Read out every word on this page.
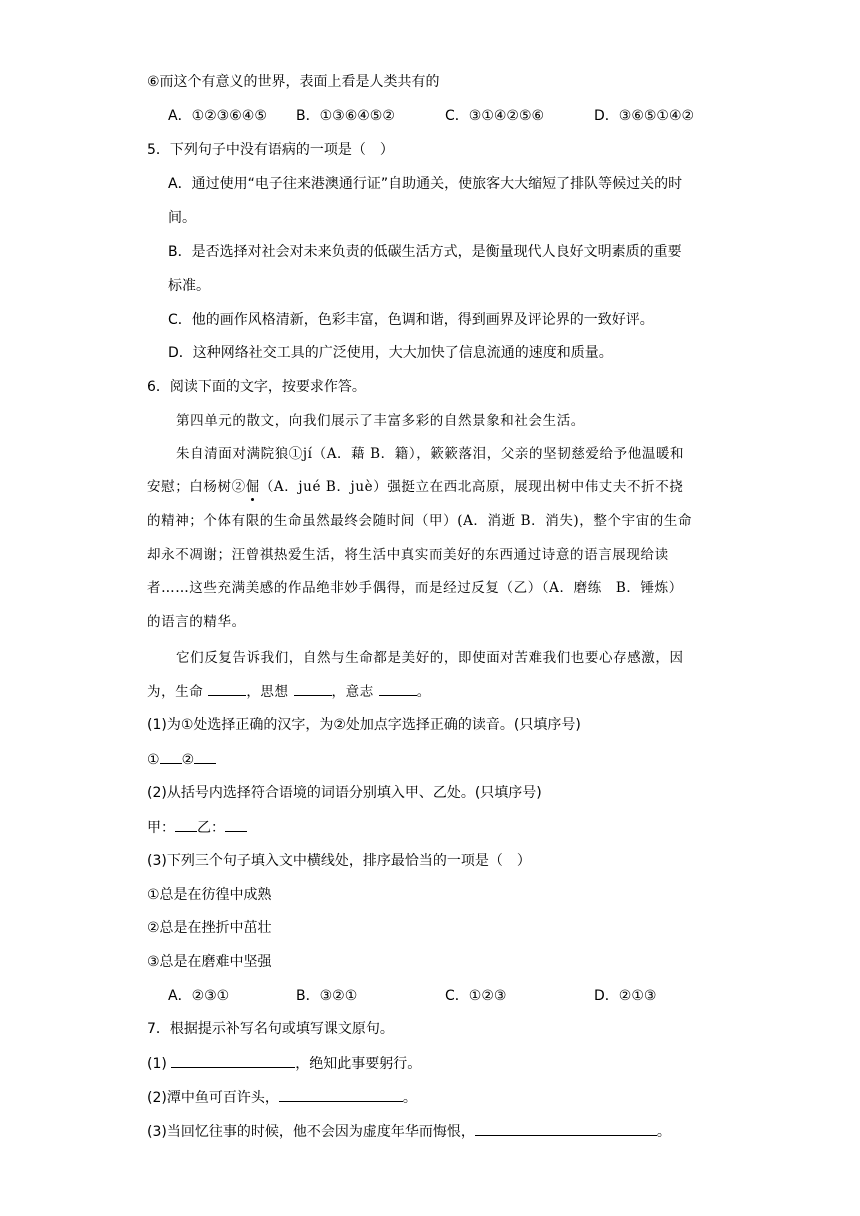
⑥而这个有意义的世界，表面上看是人类共有的
A．①②③⑥④⑤ B．①③⑥④⑤②	C．③①④②⑤⑥	D．③⑥⑤①④②
5．下列句子中没有语病的一项是（　）
A．通过使用“电子往来港澳通行证”自助通关，使旅客大大缩短了排队等候过关的时
间。
B．是否选择对社会对未来负责的低碳生活方式，是衡量现代人良好文明素质的重要
标准。
C．他的画作风格清新，色彩丰富，色调和谐，得到画界及评论界的一致好评。
D．这种网络社交工具的广泛使用，大大加快了信息流通的速度和质量。
6．阅读下面的文字，按要求作答。
第四单元的散文，向我们展示了丰富多彩的自然景象和社会生活。
朱自清面对满院狼①jí（A．藉 B．籍），簌簌落泪，父亲的坚韧慈爱给予他温暖和
安慰；白杨树②倔（A．jué B．juè）强挺立在西北高原，展现出树中伟丈夫不折不挠
的精神；个体有限的生命虽然最终会随时间（甲）(A．消逝 B．消失)，整个宇宙的生命
却永不凋谢；汪曾祺热爱生活，将生活中真实而美好的东西通过诗意的语言展现给读
者……这些充满美感的作品绝非妙手偶得，而是经过反复（乙）（A．磨练　B．锤炼）
的语言的精华。
它们反复告诉我们，自然与生命都是美好的，即使面对苦难我们也要心存感激，因
为，生命	，思想	，意志	。
(1)为①处选择正确的汉字，为②处加点字选择正确的读音。(只填序号)
① ②
(2)从括号内选择符合语境的词语分别填入甲、乙处。(只填序号)
甲： 乙：
(3)下列三个句子填入文中横线处，排序最恰当的一项是（　）
①总是在彷徨中成熟
②总是在挫折中茁壮
③总是在磨难中坚强
A．②③①	B．③②①	C．①②③	D．②①③
7．根据提示补写名句或填写课文原句。
(1)	，绝知此事要躬行。
(2)潭中鱼可百许头，	。
(3)当回忆往事的时候，他不会因为虚度年华而悔恨，	。
